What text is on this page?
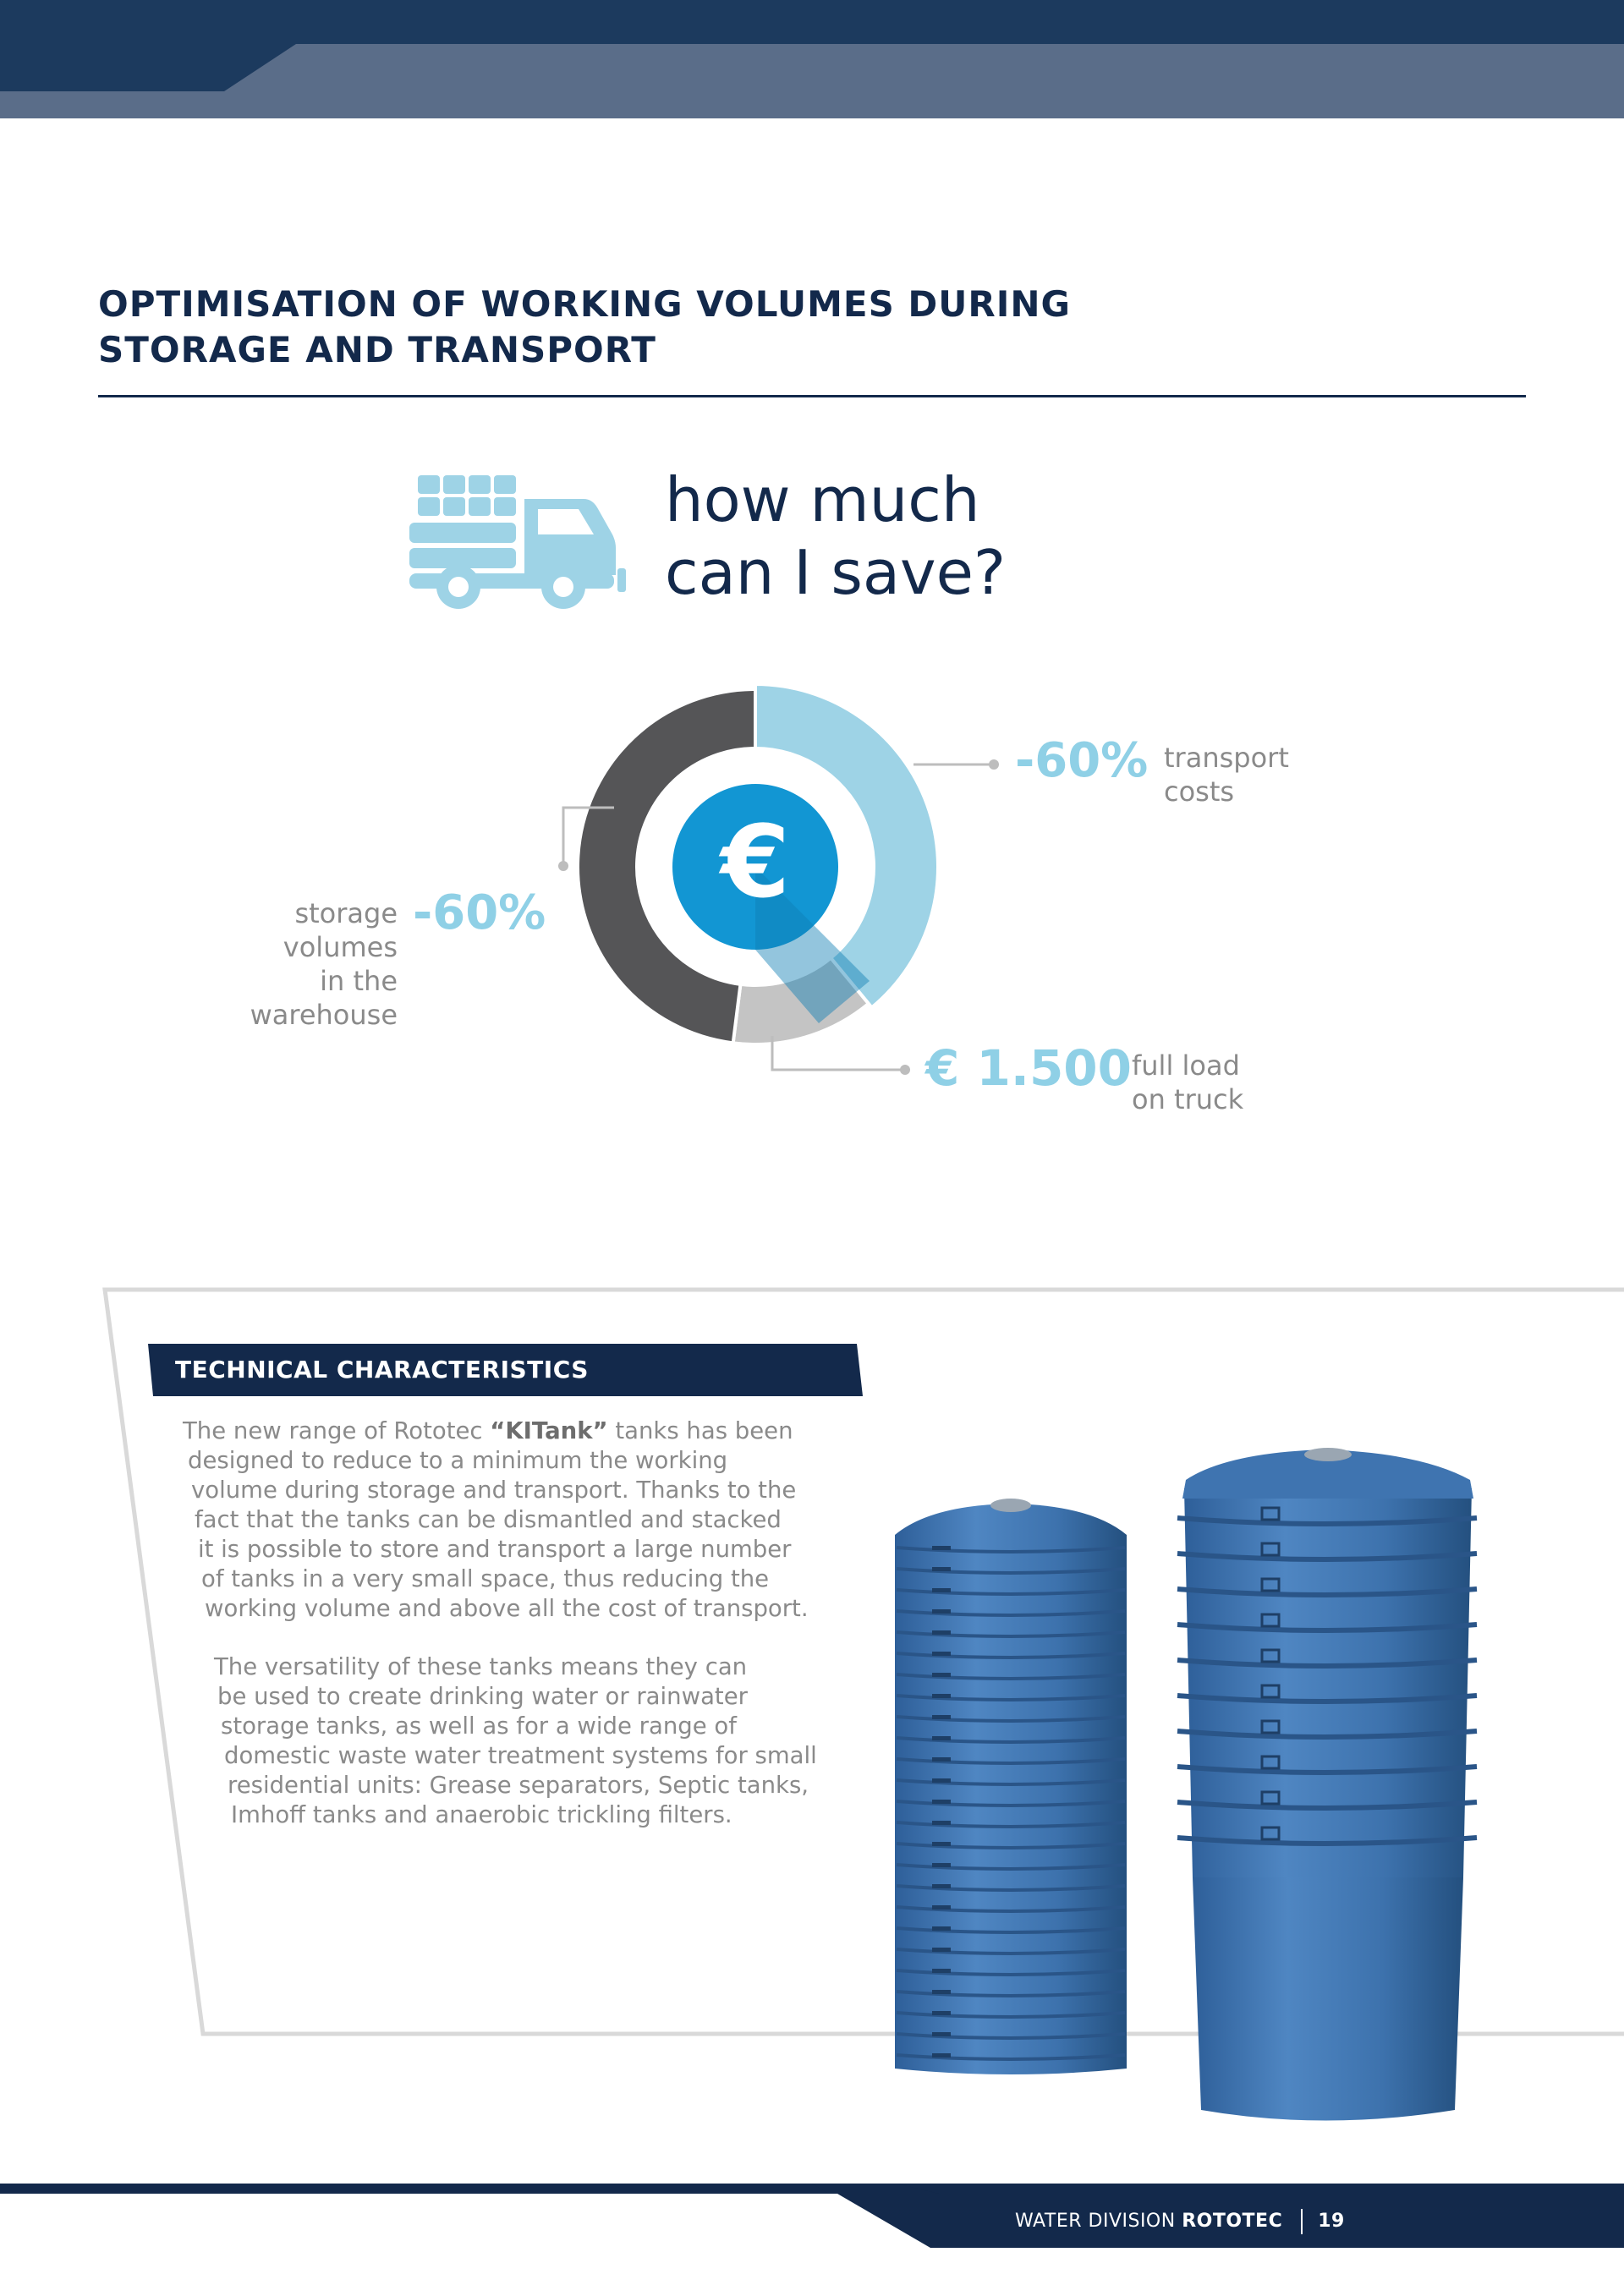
OPTIMISATION OF WORKING VOLUMES DURING
STORAGE AND TRANSPORT
how much
can I save?
€
-60% transport
costs
-60%
storage
volumes
in the
warehouse
€ 1.500 full load
on truck
TECHNICAL CHARACTERISTICS
The new range of Rototec “KITank” tanks has been
designed to reduce to a minimum the working
volume during storage and transport. Thanks to the
fact that the tanks can be dismantled and stacked
it is possible to store and transport a large number
of tanks in a very small space, thus reducing the
working volume and above all the cost of transport.
The versatility of these tanks means they can
be used to create drinking water or rainwater
storage tanks, as well as for a wide range of
domestic waste water treatment systems for small
residential units: Grease separators, Septic tanks,
Imhoff tanks and anaerobic trickling filters.
WATER DIVISION ROTOTEC 19
